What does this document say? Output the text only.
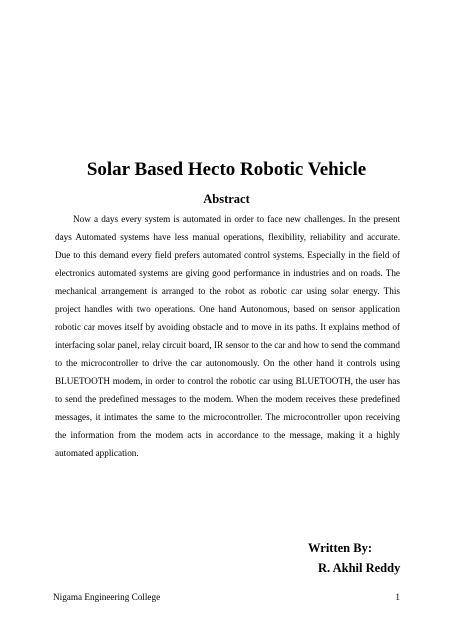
Solar Based Hecto Robotic Vehicle
Abstract

Now a days every system is automated in order to face new challenges. In the present days Automated systems have less manual operations, flexibility, reliability and accurate. Due to this demand every field prefers automated control systems. Especially in the field of electronics automated systems are giving good performance in industries and on roads. The mechanical arrangement is arranged to the robot as robotic car using solar energy. This project handles with two operations. One hand Autonomous, based on sensor application robotic car moves itself by avoiding obstacle and to move in its paths. It explains method of interfacing solar panel, relay circuit board, IR sensor to the car and how to send the command to the microcontroller to drive the car autonomously. On the other hand it controls using BLUETOOTH modem, in order to control the robotic car using BLUETOOTH, the user has to send the predefined messages to the modem. When the modem receives these predefined messages, it intimates the same to the microcontroller. The microcontroller upon receiving the information from the modem acts in accordance to the message, making it a highly automated application.

Written By:

R. Akhil Reddy

Nigama Engineering College	1
